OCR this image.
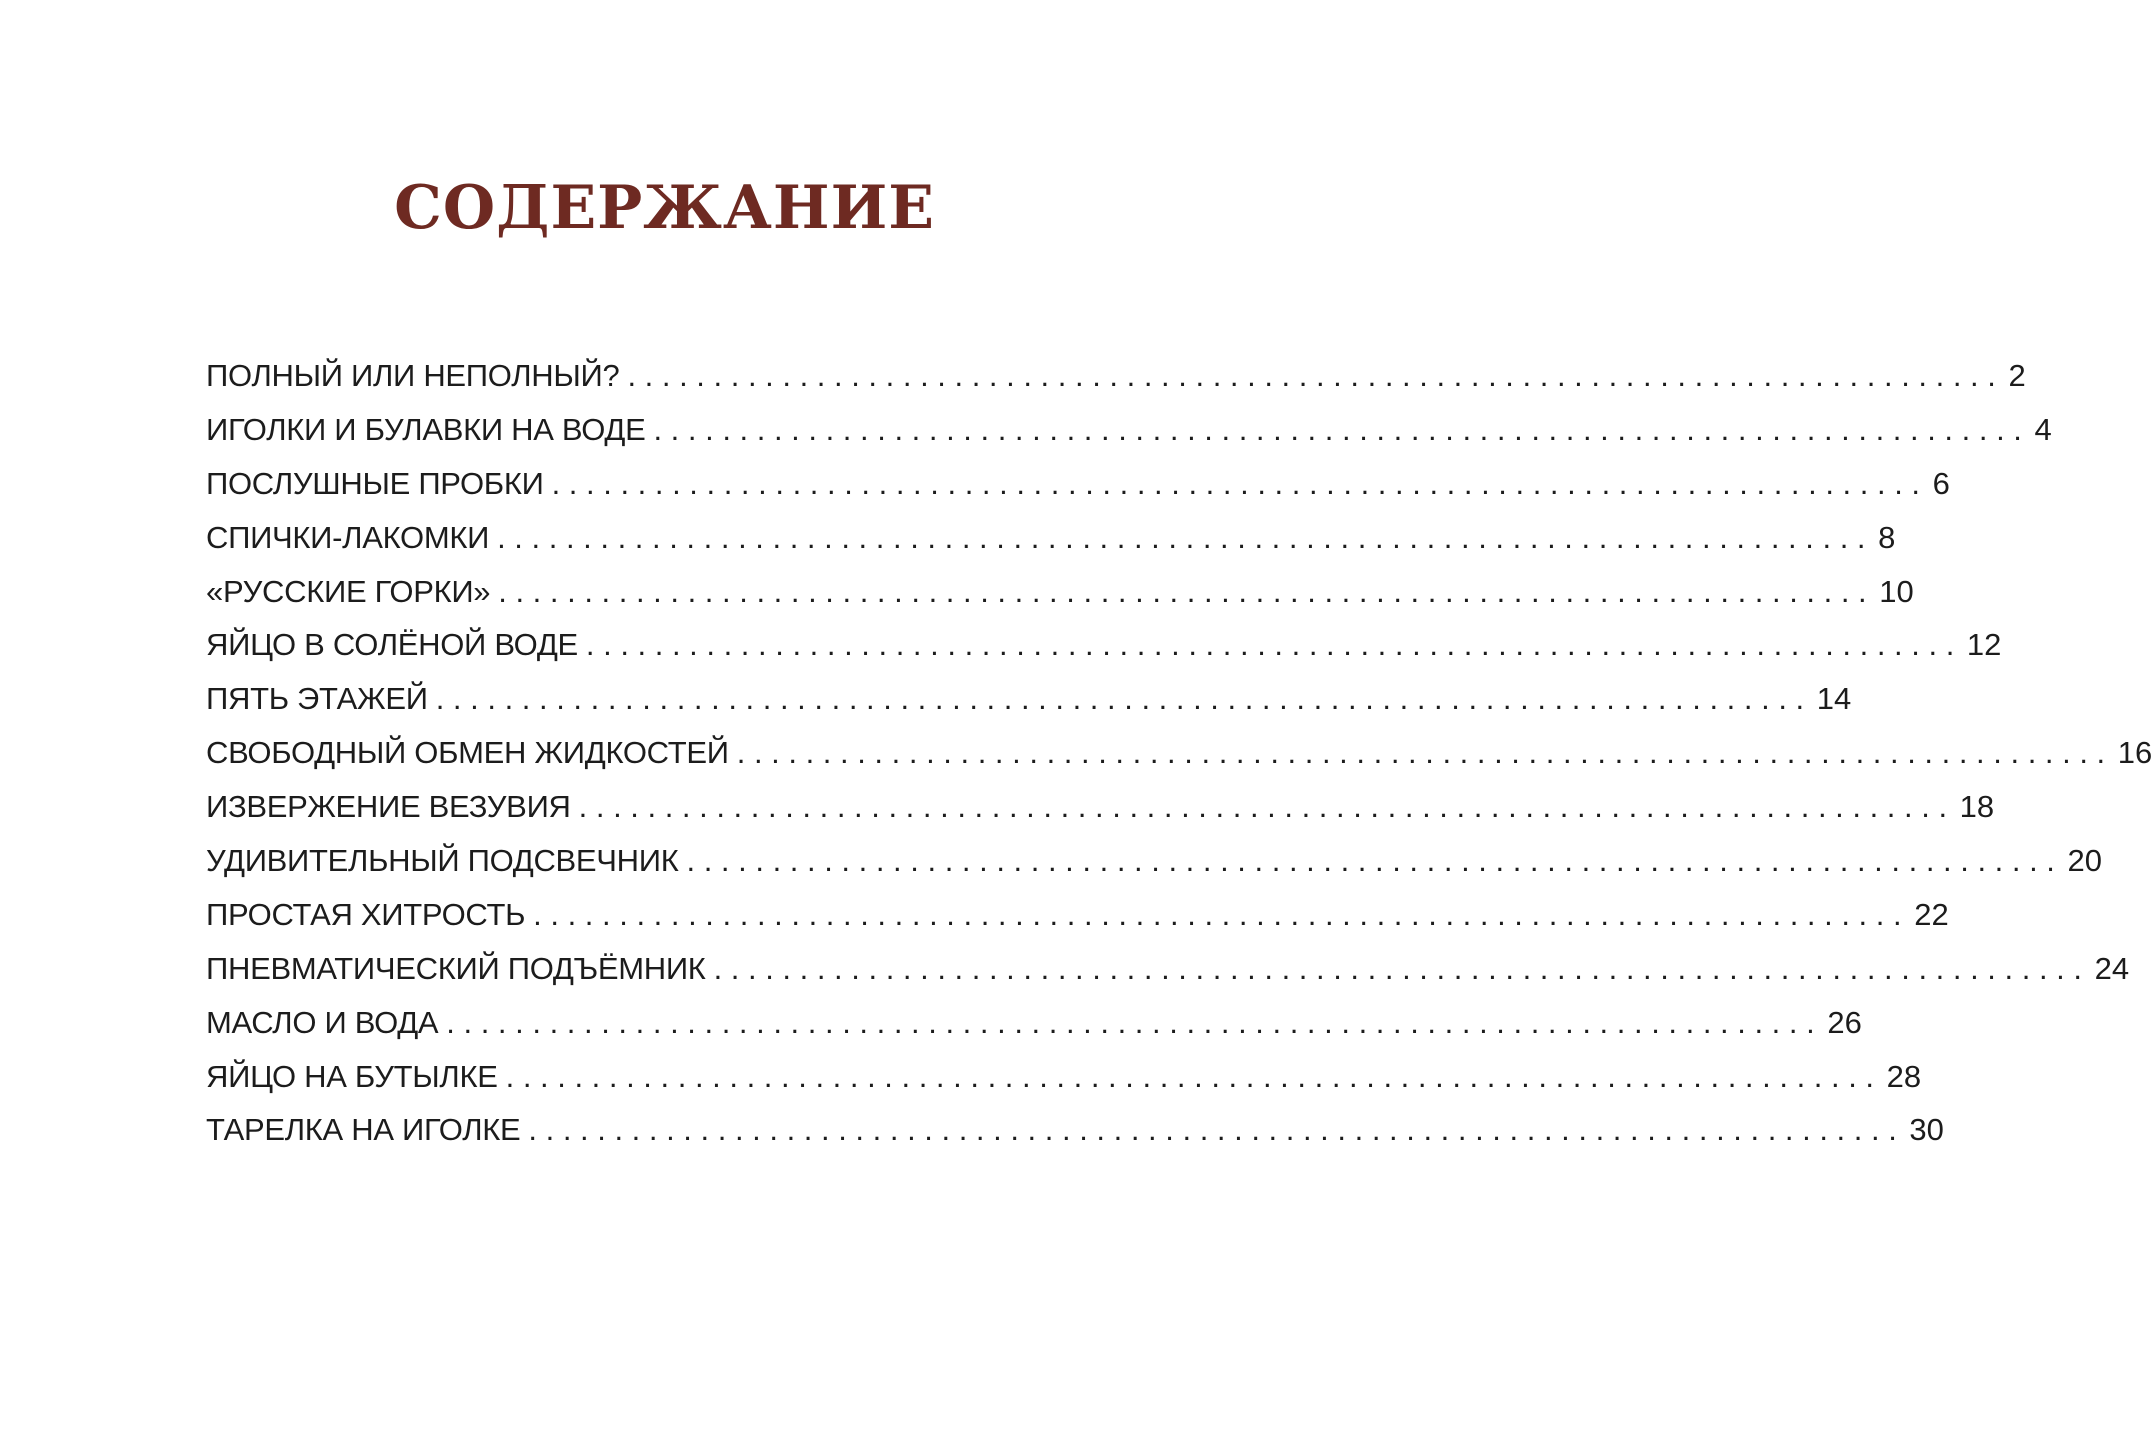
СОДЕРЖАНИЕ
ПОЛНЫЙ ИЛИ НЕПОЛНЫЙ? ................................................................................ 2
ИГОЛКИ И БУЛАВКИ НА ВОДЕ ................................................................................ 4
ПОСЛУШНЫЕ ПРОБКИ ................................................................................ 6
СПИЧКИ-ЛАКОМКИ ................................................................................ 8
«РУССКИЕ ГОРКИ» ................................................................................ 10
ЯЙЦО В СОЛЁНОЙ ВОДЕ ................................................................................ 12
ПЯТЬ ЭТАЖЕЙ ................................................................................ 14
СВОБОДНЫЙ ОБМЕН ЖИДКОСТЕЙ ................................................................................ 16
ИЗВЕРЖЕНИЕ ВЕЗУВИЯ ................................................................................ 18
УДИВИТЕЛЬНЫЙ ПОДСВЕЧНИК ................................................................................ 20
ПРОСТАЯ ХИТРОСТЬ ................................................................................ 22
ПНЕВМАТИЧЕСКИЙ ПОДЪЁМНИК ................................................................................ 24
МАСЛО И ВОДА ................................................................................ 26
ЯЙЦО НА БУТЫЛКЕ ................................................................................ 28
ТАРЕЛКА НА ИГОЛКЕ ................................................................................ 30
